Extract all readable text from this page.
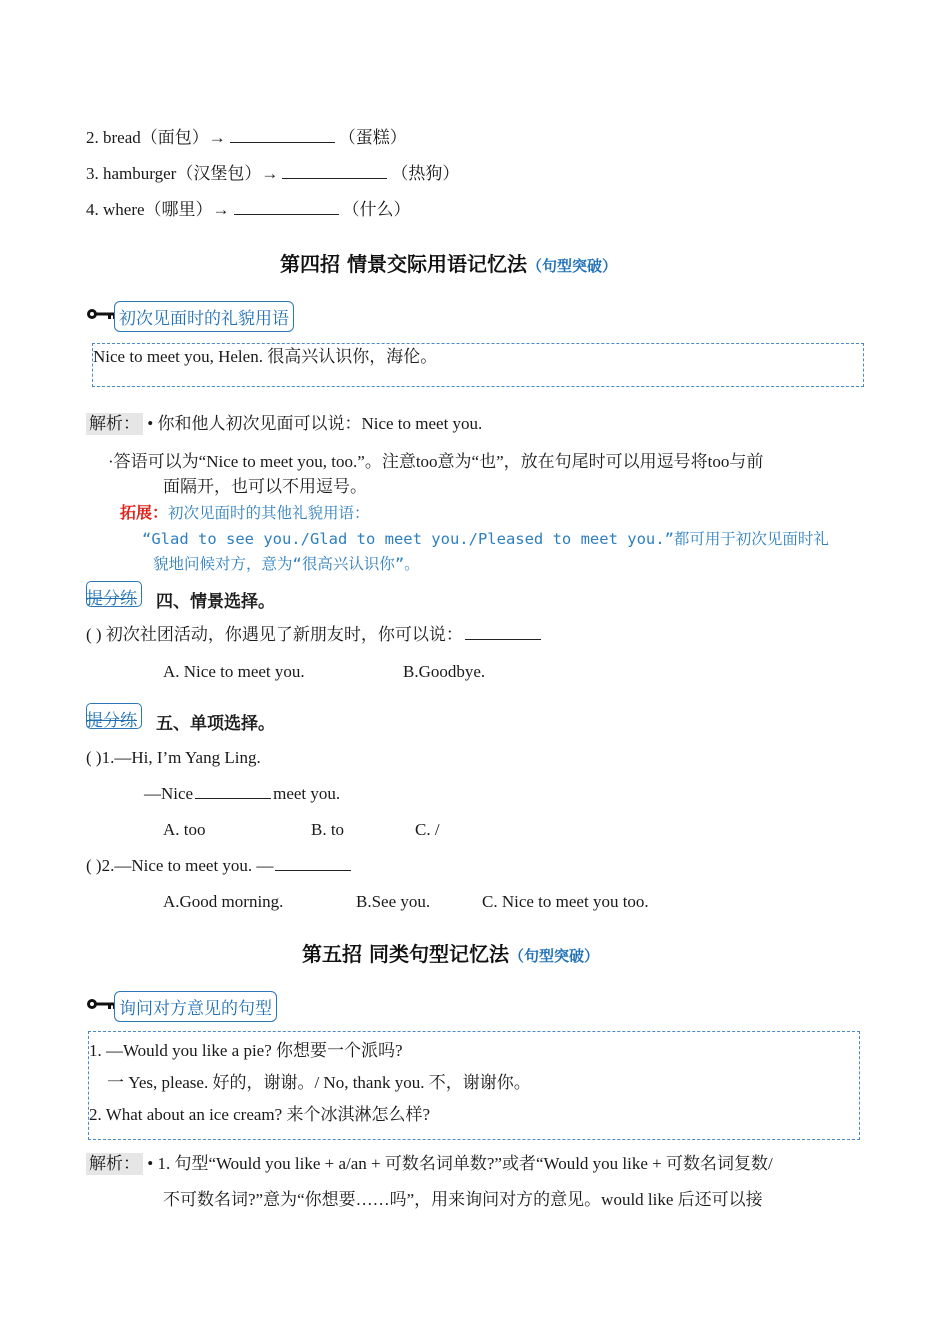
2. bread（面包）→	（蛋糕）
3. hamburger（汉堡包）→	（热狗）
4. where（哪里）→	（什么）
第四招 情景交际用语记忆法（句型突破）
初次见面时的礼貌用语
Nice to meet you, Helen. 很高兴认识你，海伦。
解析： • 你和他人初次见面可以说：Nice to meet you.
·答语可以为“Nice to meet you, too.”。注意too意为“也”，放在句尾时可以用逗号将too与前
面隔开，也可以不用逗号。
拓展：初次见面时的其他礼貌用语：
“Glad to see you./Glad to meet you./Pleased to meet you.”都可用于初次见面时礼
貌地问候对方，意为“很高兴认识你”。
提分练 四、情景选择。
( ) 初次社团活动，你遇见了新朋友时，你可以说：
A. Nice to meet you.	B.Goodbye.
提分练 五、单项选择。
( )1.—Hi, I’m Yang Ling.
—Nice	meet you.
A. too	B. to	C. /
( )2.—Nice to meet you. —
A.Good morning.	B.See you.	C. Nice to meet you too.
第五招 同类句型记忆法（句型突破）
询问对方意见的句型
1. —Would you like a pie? 你想要一个派吗?
一 Yes, please. 好的，谢谢。/ No, thank you. 不，谢谢你。
2. What about an ice cream? 来个冰淇淋怎么样?
解析： • 1. 句型“Would you like + a/an + 可数名词单数?”或者“Would you like + 可数名词复数/
不可数名词?”意为“你想要……吗”，用来询问对方的意见。would like 后还可以接
